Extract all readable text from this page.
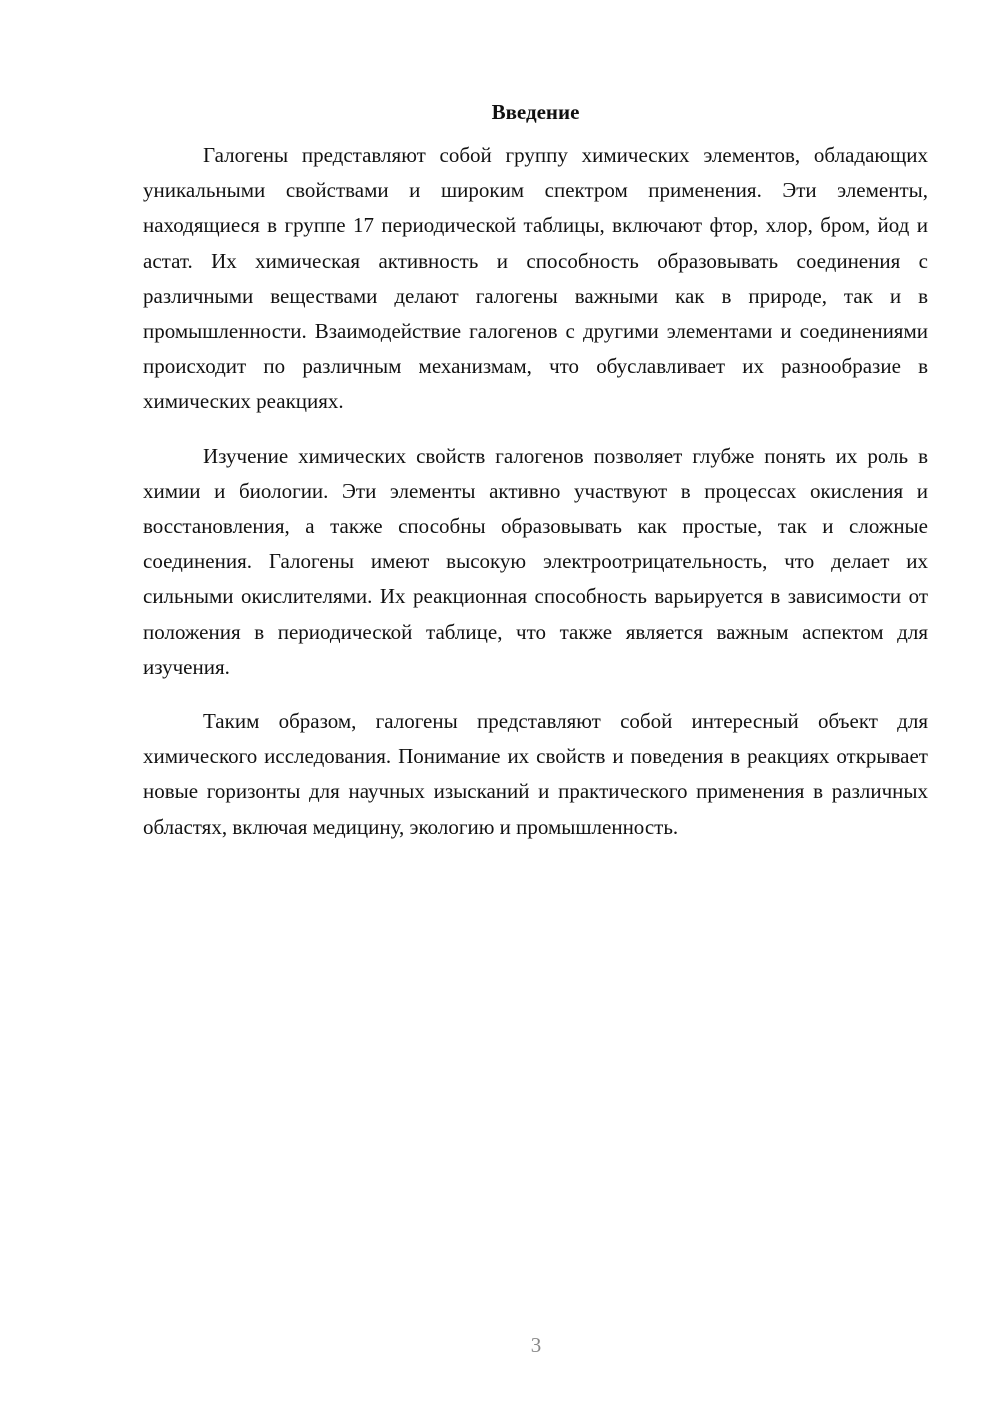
Введение

Галогены представляют собой группу химических элементов, обладающих уникальными свойствами и широким спектром применения. Эти элементы, находящиеся в группе 17 периодической таблицы, включают фтор, хлор, бром, йод и астат. Их химическая активность и способность образовывать соединения с различными веществами делают галогены важными как в природе, так и в промышленности. Взаимодействие галогенов с другими элементами и соединениями происходит по различным механизмам, что обуславливает их разнообразие в химических реакциях.

Изучение химических свойств галогенов позволяет глубже понять их роль в химии и биологии. Эти элементы активно участвуют в процессах окисления и восстановления, а также способны образовывать как простые, так и сложные соединения. Галогены имеют высокую электроотрицательность, что делает их сильными окислителями. Их реакционная способность варьируется в зависимости от положения в периодической таблице, что также является важным аспектом для изучения.

Таким образом, галогены представляют собой интересный объект для химического исследования. Понимание их свойств и поведения в реакциях открывает новые горизонты для научных изысканий и практического применения в различных областях, включая медицину, экологию и промышленность.

3
